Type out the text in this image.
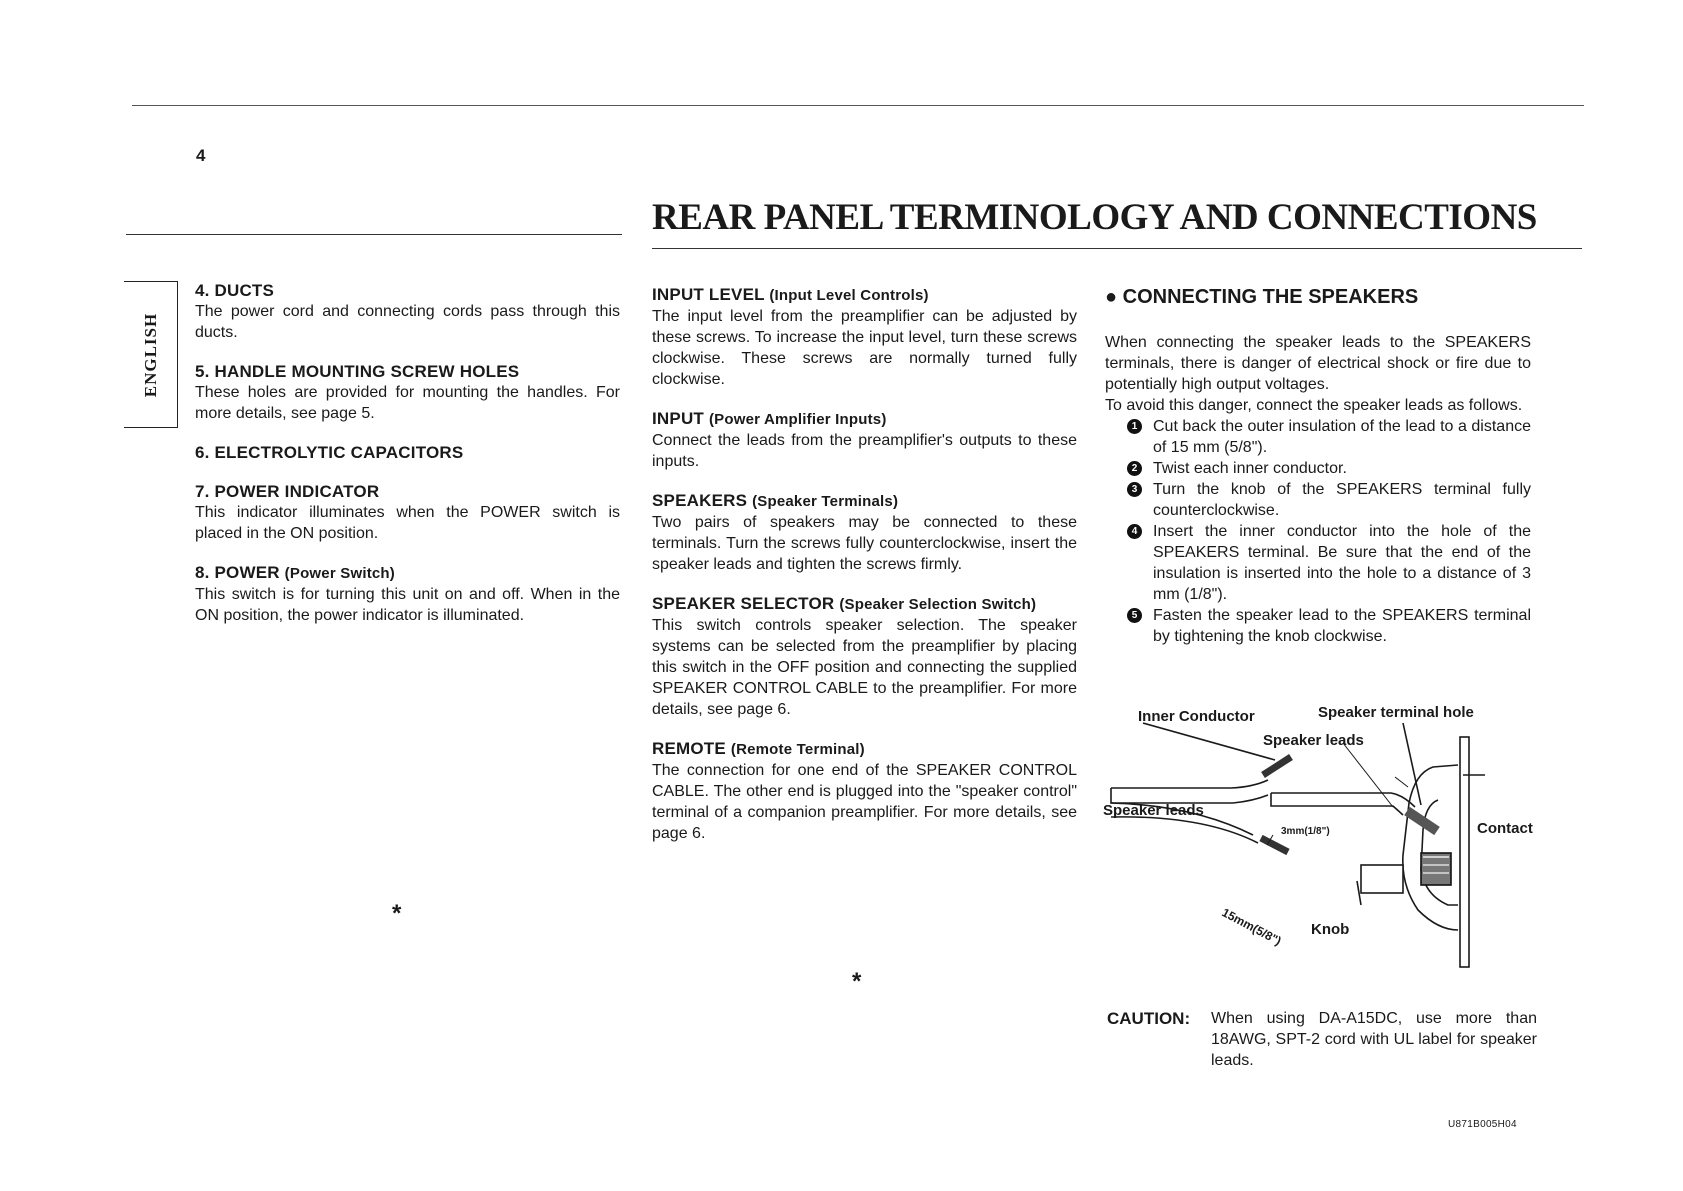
4
REAR PANEL TERMINOLOGY AND CONNECTIONS
ENGLISH
4. DUCTS
The power cord and connecting cords pass through this ducts.
5. HANDLE MOUNTING SCREW HOLES
These holes are provided for mounting the handles. For more details, see page 5.
6. ELECTROLYTIC CAPACITORS
7. POWER INDICATOR
This indicator illuminates when the POWER switch is placed in the ON position.
8. POWER (Power Switch)
This switch is for turning this unit on and off. When in the ON position, the power indicator is illuminated.
*
INPUT LEVEL (Input Level Controls)
The input level from the preamplifier can be adjusted by these screws. To increase the input level, turn these screws clockwise. These screws are normally turned fully clockwise.
INPUT (Power Amplifier Inputs)
Connect the leads from the preamplifier's outputs to these inputs.
SPEAKERS (Speaker Terminals)
Two pairs of speakers may be connected to these terminals. Turn the screws fully counterclockwise, insert the speaker leads and tighten the screws firmly.
SPEAKER SELECTOR (Speaker Selection Switch)
This switch controls speaker selection. The speaker systems can be selected from the preamplifier by placing this switch in the OFF position and connecting the supplied SPEAKER CONTROL CABLE to the preamplifier. For more details, see page 6.
REMOTE (Remote Terminal)
The connection for one end of the SPEAKER CONTROL CABLE. The other end is plugged into the "speaker control" terminal of a companion preamplifier. For more details, see page 6.
*
● CONNECTING THE SPEAKERS
When connecting the speaker leads to the SPEAKERS terminals, there is danger of electrical shock or fire due to potentially high output voltages.
To avoid this danger, connect the speaker leads as follows.
1 Cut back the outer insulation of the lead to a distance of 15 mm (5/8").
2 Twist each inner conductor.
3 Turn the knob of the SPEAKERS terminal fully counterclockwise.
4 Insert the inner conductor into the hole of the SPEAKERS terminal. Be sure that the end of the insulation is inserted into the hole to a distance of 3 mm (1/8").
5 Fasten the speaker lead to the SPEAKERS terminal by tightening the knob clockwise.
Inner Conductor	Speaker terminal hole
Speaker leads
Speaker leads
3mm(1/8")
15mm(5/8")
Contact
Knob
CAUTION: When using DA-A15DC, use more than 18AWG, SPT-2 cord with UL label for speaker leads.
U871B005H04
